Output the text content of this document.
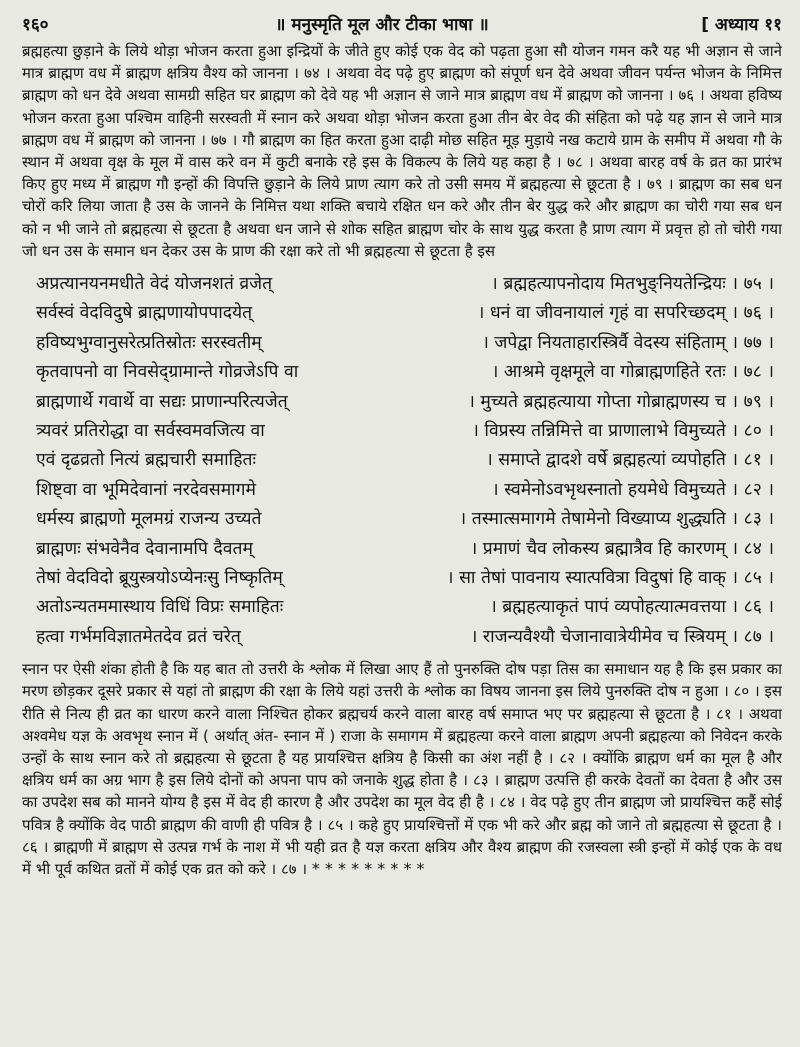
१६०	॥ मनुस्मृति मूल और टीका भाषा ॥	[ अध्याय ११
ब्रह्महत्या छुड़ाने के लिये थोड़ा भोजन करता हुआ इन्द्रियों के जीते हुए कोई एक वेद को पढ़ता हुआ सौ योजन गमन करै यह भी अज्ञान से जाने मात्र ब्राह्मण वध में ब्राह्मण क्षत्रिय वैश्य को जानना । ७४ । अथवा वेद पढ़े हुए ब्राह्मण को संपूर्ण धन देवे अथवा जीवन पर्यन्त भोजन के निमित्त ब्राह्मण को धन देवे अथवा सामग्री सहित घर ब्राह्मण को देवे यह भी अज्ञान से जाने मात्र ब्राह्मण वध में ब्राह्मण को जानना । ७६ । अथवा हविष्य भोजन करता हुआ पश्चिम वाहिनी सरस्वती में स्नान करे अथवा थोड़ा भोजन करता हुआ तीन बेर वेद की संहिता को पढ़े यह ज्ञान से जाने मात्र ब्राह्मण वध में ब्राह्मण को जानना । ७७ । गौ ब्राह्मण का हित करता हुआ दाढ़ी मोछ सहित मूड़ मुड़ाये नख कटाये ग्राम के समीप में अथवा गौ के स्थान में अथवा वृक्ष के मूल में वास करे वन में कुटी बनाके रहे इस के विकल्प के लिये यह कहा है । ७८ । अथवा बारह वर्ष के व्रत का प्रारंभ किए हुए मध्य में ब्राह्मण गौ इन्हों की विपत्ति छुड़ाने के लिये प्राण त्याग करे तो उसी समय में ब्रह्महत्या से छूटता है । ७९ । ब्राह्मण का सब धन चोरों करि लिया जाता है उस के जानने के निमित्त यथा शक्ति बचाये रक्षित धन करे और तीन बेर युद्ध करे और ब्राह्मण का चोरी गया सब धन को न भी जाने तो ब्रह्महत्या से छूटता है अथवा धन जाने से शोक सहित ब्राह्मण चोर के साथ युद्ध करता है प्राण त्याग में प्रवृत्त हो तो चोरी गया जो धन उस के समान धन देकर उस के प्राण की रक्षा करे तो भी ब्रह्महत्या से छूटता है इस
अप्रत्यानयनमधीते वेदं योजनशतं व्रजेत्	। ब्रह्महत्यापनोदाय मितभुङ्नियतेन्द्रियः । ७५ ।
सर्वस्वं वेदविदुषे ब्राह्मणायोपपादयेत्	। धनं वा जीवनायालं गृहं वा सपरिच्छदम् । ७६ ।
हविष्यभुग्वानुसरेत्प्रतिस्रोतः सरस्वतीम्	। जपेद्वा नियताहारस्त्रिर्वै वेदस्य संहिताम् । ७७ ।
कृतवापनो वा निवसेद्ग्रामान्ते गोव्रजेऽपि वा	। आश्रमे वृक्षमूले वा गोब्राह्मणहिते रतः । ७८ ।
ब्राह्मणार्थे गवार्थे वा सद्यः प्राणान्परित्यजेत्	। मुच्यते ब्रह्महत्याया गोप्ता गोब्राह्मणस्य च । ७९ ।
त्र्यवरं प्रतिरोद्धा वा सर्वस्वमवजित्य वा	। विप्रस्य तन्निमित्ते वा प्राणालाभे विमुच्यते । ८० ।
एवं दृढव्रतो नित्यं ब्रह्मचारी समाहितः	। समाप्ते द्वादशे वर्षे ब्रह्महत्यां व्यपोहति । ८१ ।
शिष्ट्वा वा भूमिदेवानां नरदेवसमागमे	। स्वमेनोऽवभृथस्नातो हयमेधे विमुच्यते । ८२ ।
धर्मस्य ब्राह्मणो मूलमग्रं राजन्य उच्यते	। तस्मात्समागमे तेषामेनो विख्याप्य शुद्ध्यति । ८३ ।
ब्राह्मणः संभवेनैव देवानामपि दैवतम्	। प्रमाणं चैव लोकस्य ब्रह्मात्रैव हि कारणम् । ८४ ।
तेषां वेदविदो ब्रूयुस्त्रयोऽप्येनःसु निष्कृतिम्	। सा तेषां पावनाय स्यात्पवित्रा विदुषां हि वाक् । ८५ ।
अतोऽन्यतममास्थाय विधिं विप्रः समाहितः	। ब्रह्महत्याकृतं पापं व्यपोहत्यात्मवत्तया । ८६ ।
हत्वा गर्भमविज्ञातमेतदेव व्रतं चरेत्	। राजन्यवैश्यौ चेजानावात्रेयीमेव च स्त्रियम् । ८७ ।
स्नान पर ऐसी शंका होती है कि यह बात तो उत्तरी के श्लोक में लिखा आए हैं तो पुनरुक्ति दोष पड़ा तिस का समाधान यह है कि इस प्रकार का मरण छोड़कर दूसरे प्रकार से यहां तो ब्राह्मण की रक्षा के लिये यहां उत्तरी के श्लोक का विषय जानना इस लिये पुनरुक्ति दोष न हुआ । ८० । इस रीति से नित्य ही व्रत का धारण करने वाला निश्चित होकर ब्रह्मचर्य करने वाला बारह वर्ष समाप्त भए पर ब्रह्महत्या से छूटता है । ८१ । अथवा अश्वमेध यज्ञ के अवभृथ स्नान में ( अर्थात् अंत- स्नान में ) राजा के समागम में ब्रह्महत्या करने वाला ब्राह्मण अपनी ब्रह्महत्या को निवेदन करके उन्हों के साथ स्नान करे तो ब्रह्महत्या से छूटता है यह प्रायश्चित्त क्षत्रिय है किसी का अंश नहीं है । ८२ । क्योंकि ब्राह्मण धर्म का मूल है और क्षत्रिय धर्म का अग्र भाग है इस लिये दोनों को अपना पाप को जनाके शुद्ध होता है । ८३ । ब्राह्मण उत्पत्ति ही करके देवतों का देवता है और उस का उपदेश सब को मानने योग्य है इस में वेद ही कारण है और उपदेश का मूल वेद ही है । ८४ । वेद पढ़े हुए तीन ब्राह्मण जो प्रायश्चित्त कहैं सोई पवित्र है क्योंकि वेद पाठी ब्राह्मण की वाणी ही पवित्र है । ८५ । कहे हुए प्रायश्चित्तों में एक भी करे और ब्रह्म को जाने तो ब्रह्महत्या से छूटता है । ८६ । ब्राह्मणी में ब्राह्मण से उत्पन्न गर्भ के नाश में भी यही व्रत है यज्ञ करता क्षत्रिय और वैश्य ब्राह्मण की रजस्वला स्त्री इन्हों में कोई एक के वध में भी पूर्व कथित व्रतों में कोई एक व्रत को करे । ८७ । * * * * * * * * *
